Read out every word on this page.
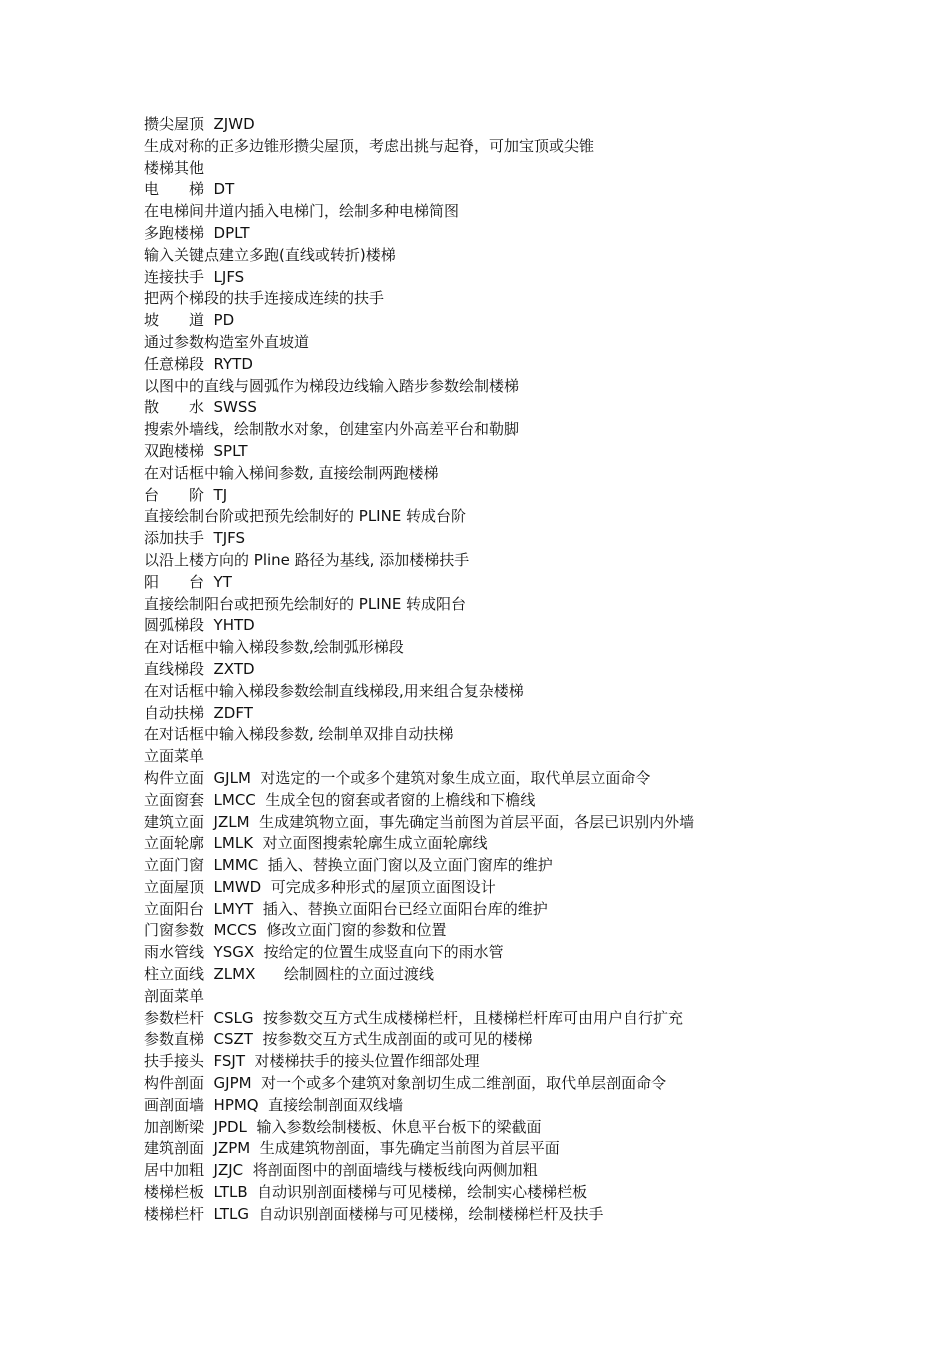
攒尖屋顶  ZJWD
生成对称的正多边锥形攒尖屋顶，考虑出挑与起脊，可加宝顶或尖锥
楼梯其他
电　　梯  DT
在电梯间井道内插入电梯门，绘制多种电梯简图
多跑楼梯  DPLT
输入关键点建立多跑(直线或转折)楼梯
连接扶手  LJFS
把两个梯段的扶手连接成连续的扶手
坡　　道  PD
通过参数构造室外直坡道
任意梯段  RYTD
以图中的直线与圆弧作为梯段边线输入踏步参数绘制楼梯
散　　水  SWSS
搜索外墙线，绘制散水对象，创建室内外高差平台和勒脚
双跑楼梯  SPLT
在对话框中输入梯间参数, 直接绘制两跑楼梯
台　　阶  TJ
直接绘制台阶或把预先绘制好的 PLINE 转成台阶
添加扶手  TJFS
以沿上楼方向的 Pline 路径为基线, 添加楼梯扶手
阳　　台  YT
直接绘制阳台或把预先绘制好的 PLINE 转成阳台
圆弧梯段  YHTD
在对话框中输入梯段参数,绘制弧形梯段
直线梯段  ZXTD
在对话框中输入梯段参数绘制直线梯段,用来组合复杂楼梯
自动扶梯  ZDFT
在对话框中输入梯段参数, 绘制单双排自动扶梯
立面菜单
构件立面  GJLM  对选定的一个或多个建筑对象生成立面，取代单层立面命令
立面窗套  LMCC  生成全包的窗套或者窗的上檐线和下檐线
建筑立面  JZLM  生成建筑物立面，事先确定当前图为首层平面，各层已识别内外墙
立面轮廓  LMLK  对立面图搜索轮廓生成立面轮廓线
立面门窗  LMMC  插入、替换立面门窗以及立面门窗库的维护
立面屋顶  LMWD  可完成多种形式的屋顶立面图设计
立面阳台  LMYT  插入、替换立面阳台已经立面阳台库的维护
门窗参数  MCCS  修改立面门窗的参数和位置
雨水管线  YSGX  按给定的位置生成竖直向下的雨水管
柱立面线  ZLMX      绘制圆柱的立面过渡线
剖面菜单
参数栏杆  CSLG  按参数交互方式生成楼梯栏杆，且楼梯栏杆库可由用户自行扩充
参数直梯  CSZT  按参数交互方式生成剖面的或可见的楼梯
扶手接头  FSJT  对楼梯扶手的接头位置作细部处理
构件剖面  GJPM  对一个或多个建筑对象剖切生成二维剖面，取代单层剖面命令
画剖面墙  HPMQ  直接绘制剖面双线墙
加剖断梁  JPDL  输入参数绘制楼板、休息平台板下的梁截面
建筑剖面  JZPM  生成建筑物剖面，事先确定当前图为首层平面
居中加粗  JZJC  将剖面图中的剖面墙线与楼板线向两侧加粗
楼梯栏板  LTLB  自动识别剖面楼梯与可见楼梯，绘制实心楼梯栏板
楼梯栏杆  LTLG  自动识别剖面楼梯与可见楼梯，绘制楼梯栏杆及扶手
